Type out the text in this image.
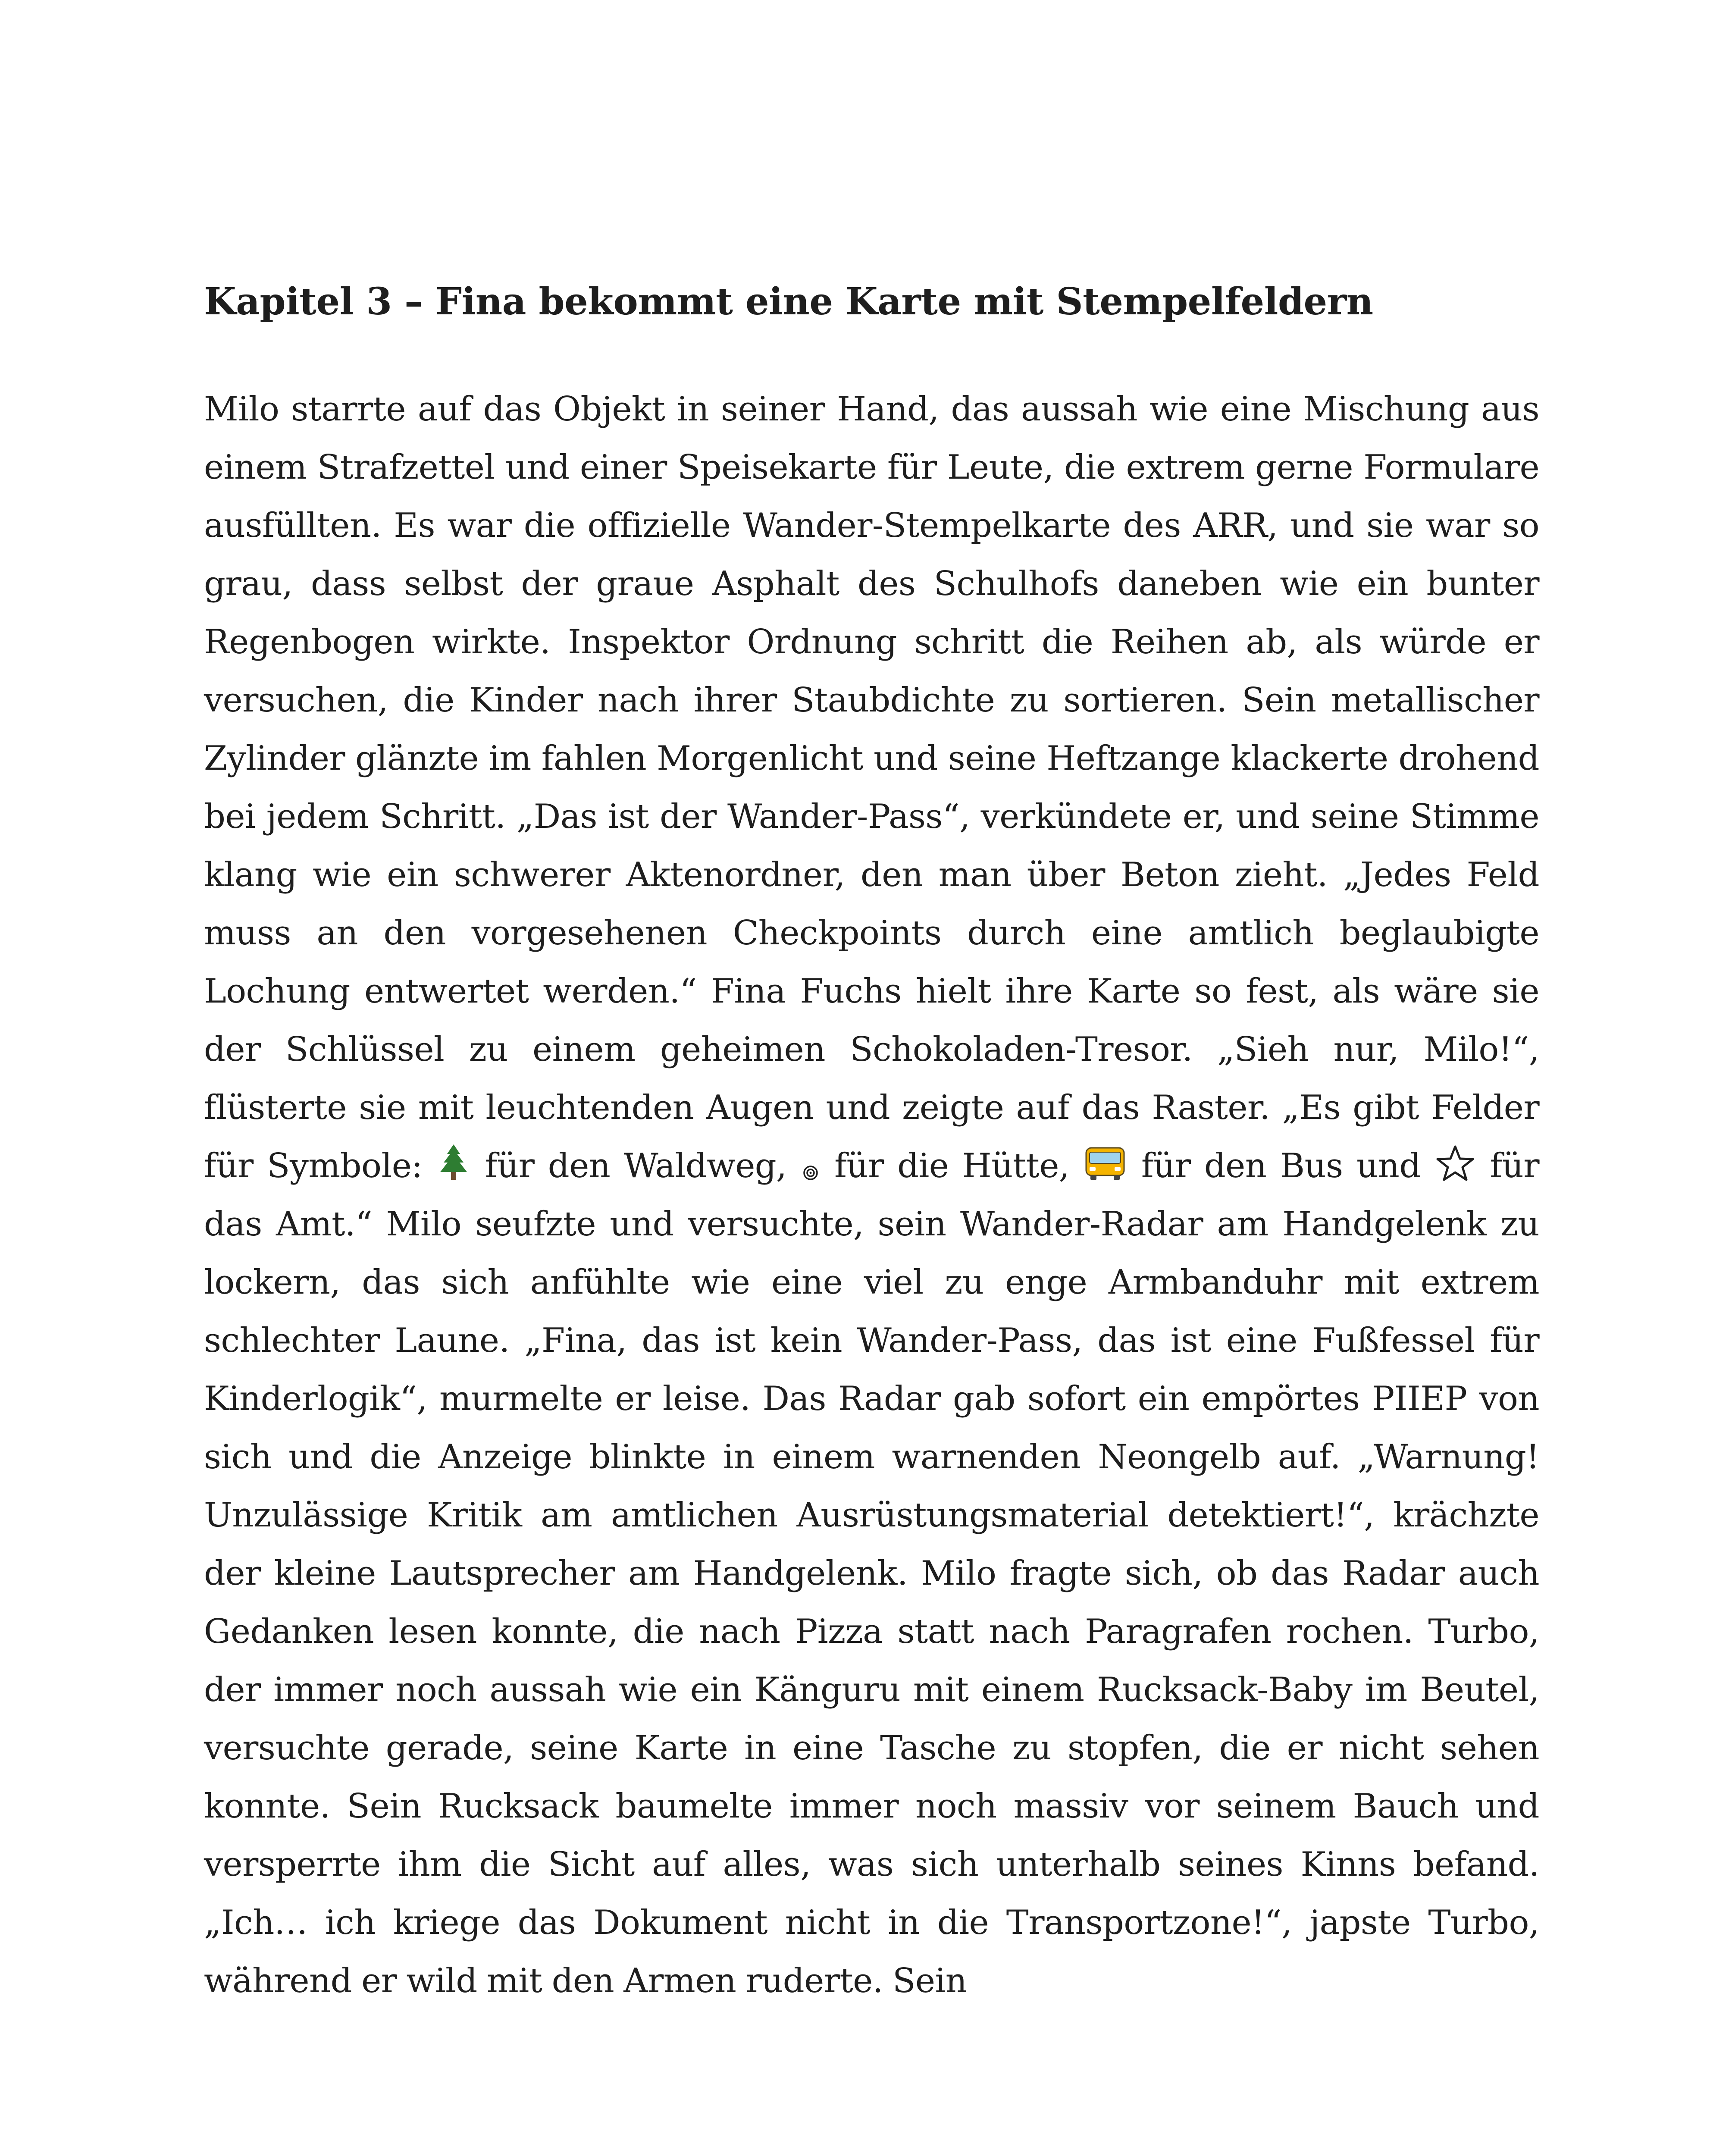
Kapitel 3 – Fina bekommt eine Karte mit Stempelfeldern

Milo starrte auf das Objekt in seiner Hand, das aussah wie eine Mischung aus einem Strafzettel und einer Speisekarte für Leute, die extrem gerne Formulare ausfüllten. Es war die offizielle Wander-Stempelkarte des ARR, und sie war so grau, dass selbst der graue Asphalt des Schulhofs daneben wie ein bunter Regenbogen wirkte. Inspektor Ordnung schritt die Reihen ab, als würde er versuchen, die Kinder nach ihrer Staubdichte zu sortieren. Sein metallischer Zylinder glänzte im fahlen Morgenlicht und seine Heftzange klackerte drohend bei jedem Schritt. „Das ist der Wander-Pass“, verkündete er, und seine Stimme klang wie ein schwerer Aktenordner, den man über Beton zieht. „Jedes Feld muss an den vorgesehenen Checkpoints durch eine amtlich beglaubigte Lochung entwertet werden.“ Fina Fuchs hielt ihre Karte so fest, als wäre sie der Schlüssel zu einem geheimen Schokoladen-Tresor. „Sieh nur, Milo!“, flüsterte sie mit leuchtenden Augen und zeigte auf das Raster. „Es gibt Felder für Symbole: für den Waldweg, für die Hütte, für den Bus und für das Amt.“ Milo seufzte und versuchte, sein Wander-Radar am Handgelenk zu lockern, das sich anfühlte wie eine viel zu enge Armbanduhr mit extrem schlechter Laune. „Fina, das ist kein Wander-Pass, das ist eine Fußfessel für Kinderlogik“, murmelte er leise. Das Radar gab sofort ein empörtes PIIEP von sich und die Anzeige blinkte in einem warnenden Neongelb auf. „Warnung! Unzulässige Kritik am amtlichen Ausrüstungsmaterial detektiert!“, krächzte der kleine Lautsprecher am Handgelenk. Milo fragte sich, ob das Radar auch Gedanken lesen konnte, die nach Pizza statt nach Paragrafen rochen. Turbo, der immer noch aussah wie ein Känguru mit einem Rucksack-Baby im Beutel, versuchte gerade, seine Karte in eine Tasche zu stopfen, die er nicht sehen konnte. Sein Rucksack baumelte immer noch massiv vor seinem Bauch und versperrte ihm die Sicht auf alles, was sich unterhalb seines Kinns befand. „Ich… ich kriege das Dokument nicht in die Transportzone!“, japste Turbo, während er wild mit den Armen ruderte. Sein
